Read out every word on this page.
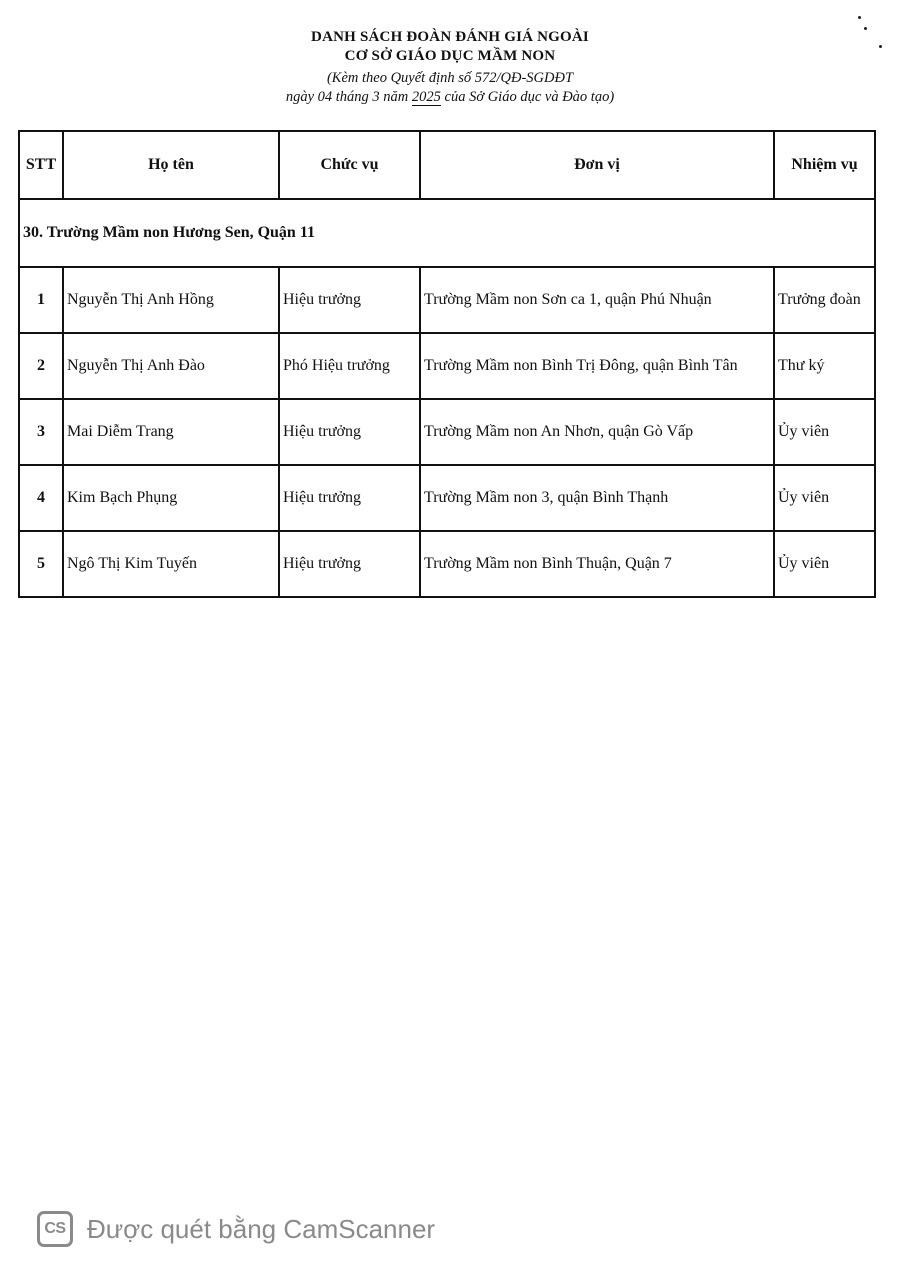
DANH SÁCH ĐOÀN ĐÁNH GIÁ NGOÀI
CƠ SỞ GIÁO DỤC MẦM NON
(Kèm theo Quyết định số 572/QĐ-SGDĐT
ngày 04 tháng 3 năm 2025 của Sở Giáo dục và Đào tạo)
STT	Họ tên	Chức vụ	Đơn vị	Nhiệm vụ
30. Trường Mầm non Hương Sen, Quận 11				
1	Nguyễn Thị Anh Hồng	Hiệu trưởng	Trường Mầm non Sơn ca 1, quận Phú Nhuận	Trưởng đoàn
2	Nguyễn Thị Anh Đào	Phó Hiệu trưởng	Trường Mầm non Bình Trị Đông, quận Bình Tân	Thư ký
3	Mai Diễm Trang	Hiệu trưởng	Trường Mầm non An Nhơn, quận Gò Vấp	Ủy viên
4	Kim Bạch Phụng	Hiệu trưởng	Trường Mầm non 3, quận Bình Thạnh	Ủy viên
5	Ngô Thị Kim Tuyến	Hiệu trưởng	Trường Mầm non Bình Thuận, Quận 7	Ủy viên
CS Được quét bằng CamScanner
